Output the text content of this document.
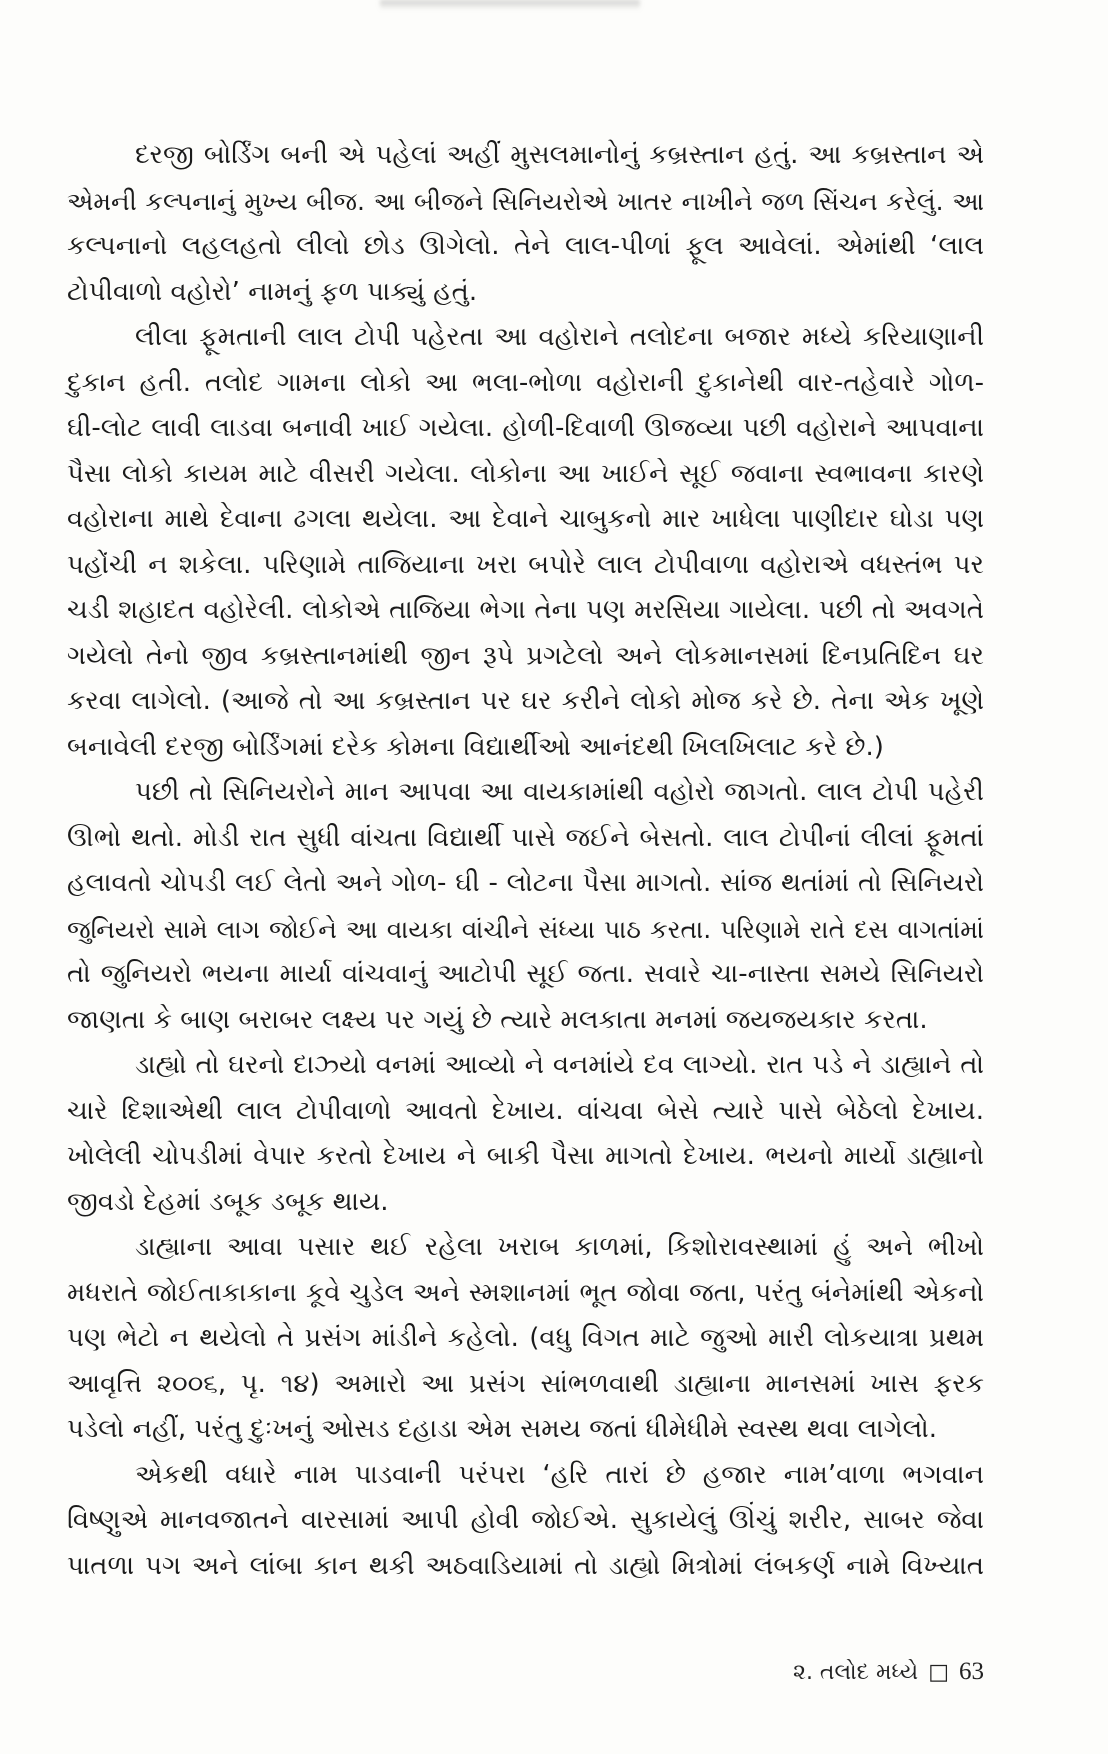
દરજી બોર્ડિંગ બની એ પહેલાં અહીં મુસલમાનોનું કબ્રસ્તાન હતું. આ કબ્રસ્તાન એ
એમની કલ્પનાનું મુખ્ય બીજ. આ બીજને સિનિયરોએ ખાતર નાખીને જળ સિંચન કરેલું. આ
કલ્પનાનો લહલહતો લીલો છોડ ઊગેલો. તેને લાલ-પીળાં ફૂલ આવેલાં. એમાંથી ‘લાલ
ટોપીવાળો વહોરો’ નામનું ફળ પાક્યું હતું.
લીલા ફૂમતાની લાલ ટોપી પહેરતા આ વહોરાને તલોદના બજાર મધ્યે કરિયાણાની
દુકાન હતી. તલોદ ગામના લોકો આ ભલા-ભોળા વહોરાની દુકાનેથી વાર-તહેવારે ગોળ-
ઘી-લોટ લાવી લાડવા બનાવી ખાઈ ગયેલા. હોળી-દિવાળી ઊજવ્યા પછી વહોરાને આપવાના
પૈસા લોકો કાયમ માટે વીસરી ગયેલા. લોકોના આ ખાઈને સૂઈ જવાના સ્વભાવના કારણે
વહોરાના માથે દેવાના ઢગલા થયેલા. આ દેવાને ચાબુકનો માર ખાધેલા પાણીદાર ઘોડા પણ
પહોંચી ન શકેલા. પરિણામે તાજિયાના ખરા બપોરે લાલ ટોપીવાળા વહોરાએ વધસ્તંભ પર
ચડી શહાદત વહોરેલી. લોકોએ તાજિયા ભેગા તેના પણ મરસિયા ગાયેલા. પછી તો અવગતે
ગયેલો તેનો જીવ કબ્રસ્તાનમાંથી જીન રૂપે પ્રગટેલો અને લોકમાનસમાં દિનપ્રતિદિન ઘર
કરવા લાગેલો. (આજે તો આ કબ્રસ્તાન પર ઘર કરીને લોકો મોજ કરે છે. તેના એક ખૂણે
બનાવેલી દરજી બોર્ડિંગમાં દરેક કોમના વિદ્યાર્થીઓ આનંદથી ખિલખિલાટ કરે છે.)
પછી તો સિનિયરોને માન આપવા આ વાયકામાંથી વહોરો જાગતો. લાલ ટોપી પહેરી
ઊભો થતો. મોડી રાત સુધી વાંચતા વિદ્યાર્થી પાસે જઈને બેસતો. લાલ ટોપીનાં લીલાં ફૂમતાં
હલાવતો ચોપડી લઈ લેતો અને ગોળ- ઘી - લોટના પૈસા માગતો. સાંજ થતાંમાં તો સિનિયરો
જુનિયરો સામે લાગ જોઈને આ વાયકા વાંચીને સંધ્યા પાઠ કરતા. પરિણામે રાતે દસ વાગતાંમાં
તો જુનિયરો ભયના માર્યા વાંચવાનું આટોપી સૂઈ જતા. સવારે ચા-નાસ્તા સમયે સિનિયરો
જાણતા કે બાણ બરાબર લક્ષ્ય પર ગયું છે ત્યારે મલકાતા મનમાં જયજયકાર કરતા.
ડાહ્યો તો ઘરનો દાઝ્યો વનમાં આવ્યો ને વનમાંયે દવ લાગ્યો. રાત પડે ને ડાહ્યાને તો
ચારે દિશાએથી લાલ ટોપીવાળો આવતો દેખાય. વાંચવા બેસે ત્યારે પાસે બેઠેલો દેખાય.
ખોલેલી ચોપડીમાં વેપાર કરતો દેખાય ને બાકી પૈસા માગતો દેખાય. ભયનો માર્યો ડાહ્યાનો
જીવડો દેહમાં ડબૂક ડબૂક થાય.
ડાહ્યાના આવા પસાર થઈ રહેલા ખરાબ કાળમાં, કિશોરાવસ્થામાં હું અને ભીખો
મધરાતે જોઈતાકાકાના કૂવે ચુડેલ અને સ્મશાનમાં ભૂત જોવા જતા, પરંતુ બંનેમાંથી એકનો
પણ ભેટો ન થયેલો તે પ્રસંગ માંડીને કહેલો. (વધુ વિગત માટે જુઓ મારી લોકયાત્રા પ્રથમ
આવૃત્તિ ૨૦૦૬, પૃ. ૧૪) અમારો આ પ્રસંગ સાંભળવાથી ડાહ્યાના માનસમાં ખાસ ફરક
પડેલો નહીં, પરંતુ દુઃખનું ઓસડ દહાડા એમ સમય જતાં ધીમેધીમે સ્વસ્થ થવા લાગેલો.
એકથી વધારે નામ પાડવાની પરંપરા ‘હરિ તારાં છે હજાર નામ’વાળા ભગવાન
વિષ્ણુએ માનવજાતને વારસામાં આપી હોવી જોઈએ. સુકાયેલું ઊંચું શરીર, સાબર જેવા
પાતળા પગ અને લાંબા કાન થકી અઠવાડિયામાં તો ડાહ્યો મિત્રોમાં લંબકર્ણ નામે વિખ્યાત
૨. તલોદ મધ્યે □ 63
